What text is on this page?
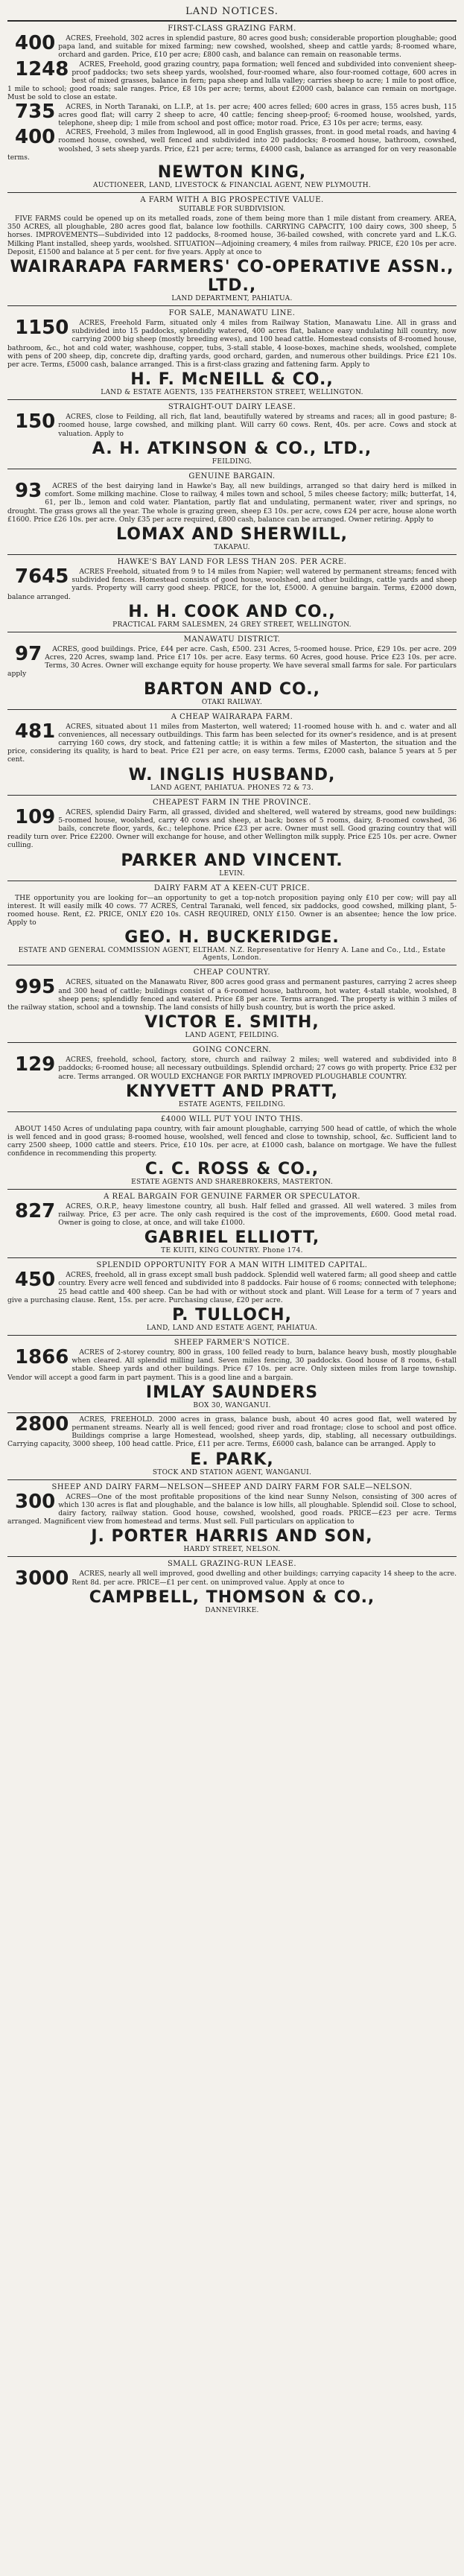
LAND NOTICES.
FIRST-CLASS GRAZING FARM.
400 ACRES, Freehold, 302 acres in splendid pasture, 80 acres good bush; considerable proportion ploughable; good papa land, and suitable for mixed farming; new cowshed, woolshed, sheep and cattle yards; 8-roomed whare, orchard and garden. Price, £10 per acre; £800 cash, and balance can remain on reasonable terms.
1248 ACRES, Freehold, good grazing country, papa formation; well fenced and subdivided into convenient sheep-proof paddocks; two sets sheep yards, woolshed, four-roomed whare, also four-roomed cottage, 600 acres in best of mixed grasses, balance in fern; papa sheep and lulla valley; carries sheep to acre; 1 mile to post office, 1 mile to school; good roads; sale ranges. Price, £8 10s per acre; terms, about £2000 cash, balance can remain on mortgage. Must be sold to close an estate.
735 ACRES, in North Taranaki, on L.I.P., at 1s. per acre; 400 acres felled; 600 acres in grass, 155 acres bush, 115 acres good flat; will carry 2 sheep to acre, 40 cattle; fencing sheep-proof; 6-roomed house, woolshed, yards, telephone, sheep dip; 1 mile from school and post office; motor road. Price, £3 10s per acre; terms, easy.
400 ACRES, Freehold, 3 miles from Inglewood, all in good English grasses, front. in good metal roads, and having 4 roomed house, cowshed, well fenced and subdivided into 20 paddocks; 8-roomed house, bathroom, cowshed, woolshed, 3 sets sheep yards. Price, £21 per acre; terms, £4000 cash, balance as arranged for on very reasonable terms.
NEWTON KING,
AUCTIONEER, LAND, LIVESTOCK & FINANCIAL AGENT, NEW PLYMOUTH.
A FARM WITH A BIG PROSPECTIVE VALUE.
SUITABLE FOR SUBDIVISION.
FIVE FARMS could be opened up on its metalled roads, zone of them being more than 1 mile distant from creamery. AREA, 350 ACRES, all ploughable, 280 acres good flat, balance low foothills. CARRYING CAPACITY, 100 dairy cows, 300 sheep, 5 horses. IMPROVEMENTS—Subdivided into 12 paddocks, 8-roomed house, 36-bailed cowshed, with concrete yard and L.K.G. Milking Plant installed, sheep yards, woolshed. SITUATION—Adjoining creamery, 4 miles from railway. PRICE, £20 10s per acre. Deposit, £1500 and balance at 5 per cent. for five years. Apply at once to
WAIRARAPA FARMERS' CO-OPERATIVE ASSN., LTD.,
LAND DEPARTMENT, PAHIATUA.
FOR SALE, MANAWATU LINE.
1150 ACRES, Freehold Farm, situated only 4 miles from Railway Station, Manawatu Line. All in grass and subdivided into 15 paddocks, splendidly watered, 400 acres flat, balance easy undulating hill country, now carrying 2000 big sheep (mostly breeding ewes), and 100 head cattle. Homestead consists of 8-roomed house, bathroom, &c., hot and cold water, washhouse, copper, tubs, 3-stall stable, 4 loose-boxes, machine sheds, woolshed, complete with pens of 200 sheep, dip, concrete dip, drafting yards, good orchard, garden, and numerous other buildings. Price £21 10s. per acre. Terms, £5000 cash, balance arranged. This is a first-class grazing and fattening farm. Apply to
H. F. McNEILL & CO.,
LAND & ESTATE AGENTS, 135 FEATHERSTON STREET, WELLINGTON.
STRAIGHT-OUT DAIRY LEASE.
150 ACRES, close to Feilding, all rich, flat land, beautifully watered by streams and races; all in good pasture; 8-roomed house, large cowshed, and milking plant. Will carry 60 cows. Rent, 40s. per acre. Cows and stock at valuation. Apply to
A. H. ATKINSON & CO., LTD.,
FEILDING.
GENUINE BARGAIN.
93 ACRES of the best dairying land in Hawke's Bay, all new buildings, arranged so that dairy herd is milked in comfort. Some milking machine. Close to railway, 4 miles town and school, 5 miles cheese factory; milk; butterfat, 14, 61, per lb., lemon and cold water. Plantation, partly flat and undulating, permanent water, river and springs, no drought. The grass grows all the year. The whole is grazing green, sheep £3 10s. per acre, cows £24 per acre, house alone worth £1600. Price £26 10s. per acre. Only £35 per acre required, £800 cash, balance can be arranged. Owner retiring. Apply to
LOMAX AND SHERWILL,
TAKAPAU.
HAWKE'S BAY LAND FOR LESS THAN 20S. PER ACRE.
7645 ACRES Freehold, situated from 9 to 14 miles from Napier; well watered by permanent streams; fenced with subdivided fences. Homestead consists of good house, woolshed, and other buildings, cattle yards and sheep yards. Property will carry good sheep. PRICE, for the lot, £5000. A genuine bargain. Terms, £2000 down, balance arranged.
H. H. COOK AND CO.,
PRACTICAL FARM SALESMEN, 24 GREY STREET, WELLINGTON.
MANAWATU DISTRICT.
97 ACRES, good buildings. Price, £44 per acre. Cash, £500. 231 Acres, 5-roomed house. Price, £29 10s. per acre. 209 Acres, 220 Acres, swamp land. Price £17 10s. per acre. Easy terms. 60 Acres, good house. Price £23 10s. per acre. Terms, 30 Acres. Owner will exchange equity for house property. We have several small farms for sale. For particulars apply
BARTON AND CO.,
OTAKI RAILWAY.
A CHEAP WAIRARAPA FARM.
481 ACRES, situated about 11 miles from Masterton, well watered; 11-roomed house with h. and c. water and all conveniences, all necessary outbuildings. This farm has been selected for its owner's residence, and is at present carrying 160 cows, dry stock, and fattening cattle; it is within a few miles of Masterton, the situation and the price, considering its quality, is hard to beat. Price £21 per acre, on easy terms. Terms, £2000 cash, balance 5 years at 5 per cent.
W. INGLIS HUSBAND,
LAND AGENT, PAHIATUA. PHONES 72 & 73.
CHEAPEST FARM IN THE PROVINCE.
109 ACRES, splendid Dairy Farm, all grassed, divided and sheltered, well watered by streams, good new buildings: 5-roomed house, woolshed, carry 40 cows and sheep, at back; boxes of 5 rooms, dairy, 8-roomed cowshed, 36 bails, concrete floor, yards, &c.; telephone. Price £23 per acre. Owner must sell. Good grazing country that will readily turn over. Price £2200. Owner will exchange for house, and other Wellington milk supply. Price £25 10s. per acre. Owner culling.
PARKER AND VINCENT.
LEVIN.
DAIRY FARM AT A KEEN-CUT PRICE.
THE opportunity you are looking for—an opportunity to get a top-notch proposition paying only £10 per cow; will pay all interest. It will easily milk 40 cows. 77 ACRES, Central Taranaki, well fenced, six paddocks, good cowshed, milking plant, 5-roomed house. Rent, £2. PRICE, ONLY £20 10s. CASH REQUIRED, ONLY £150. Owner is an absentee; hence the low price. Apply to
GEO. H. BUCKERIDGE.
ESTATE AND GENERAL COMMISSION AGENT, ELTHAM. N.Z. Representative for Henry A. Lane and Co., Ltd., Estate Agents, London.
CHEAP COUNTRY.
995 ACRES, situated on the Manawatu River, 800 acres good grass and permanent pastures, carrying 2 acres sheep and 300 head of cattle; buildings consist of a 6-roomed house, bathroom, hot water, 4-stall stable, woolshed, 8 sheep pens; splendidly fenced and watered. Price £8 per acre. Terms arranged. The property is within 3 miles of the railway station, school and a township. The land consists of hilly bush country, but is worth the price asked.
VICTOR E. SMITH,
LAND AGENT, FEILDING.
GOING CONCERN.
129 ACRES, freehold, school, factory, store, church and railway 2 miles; well watered and subdivided into 8 paddocks; 6-roomed house; all necessary outbuildings. Splendid orchard; 27 cows go with property. Price £32 per acre. Terms arranged. OR WOULD EXCHANGE FOR PARTLY IMPROVED PLOUGHABLE COUNTRY.
KNYVETT AND PRATT,
ESTATE AGENTS, FEILDING.
£4000 WILL PUT YOU INTO THIS.
ABOUT 1450 Acres of undulating papa country, with fair amount ploughable, carrying 500 head of cattle, of which the whole is well fenced and in good grass; 8-roomed house, woolshed, well fenced and close to township, school, &c. Sufficient land to carry 2500 sheep, 1000 cattle and steers. Price, £10 10s. per acre, at £1000 cash, balance on mortgage. We have the fullest confidence in recommending this property.
C. C. ROSS & CO.,
ESTATE AGENTS AND SHAREBROKERS, MASTERTON.
A REAL BARGAIN FOR GENUINE FARMER OR SPECULATOR.
827 ACRES, O.R.P., heavy limestone country, all bush. Half felled and grassed. All well watered. 3 miles from railway. Price, £3 per acre. The only cash required is the cost of the improvements, £600. Good metal road. Owner is going to close, at once, and will take £1000.
GABRIEL ELLIOTT,
TE KUITI, KING COUNTRY. Phone 174.
SPLENDID OPPORTUNITY FOR A MAN WITH LIMITED CAPITAL.
450 ACRES, freehold, all in grass except small bush paddock. Splendid well watered farm; all good sheep and cattle country. Every acre well fenced and subdivided into 8 paddocks. Fair house of 6 rooms; connected with telephone; 25 head cattle and 400 sheep. Can be had with or without stock and plant. Will Lease for a term of 7 years and give a purchasing clause. Rent, 15s. per acre. Purchasing clause, £20 per acre.
P. TULLOCH,
LAND, LAND AND ESTATE AGENT, PAHIATUA.
SHEEP FARMER'S NOTICE.
1866 ACRES of 2-storey country, 800 in grass, 100 felled ready to burn, balance heavy bush, mostly ploughable when cleared. All splendid milling land. Seven miles fencing, 30 paddocks. Good house of 8 rooms, 6-stall stable. Sheep yards and other buildings. Price £7 10s. per acre. Only sixteen miles from large township. Vendor will accept a good farm in part payment. This is a good line and a bargain.
IMLAY SAUNDERS
BOX 30, WANGANUI.
2800 ACRES, FREEHOLD. 2000 acres in grass, balance bush, about 40 acres good flat, well watered by permanent streams. Nearly all is well fenced; good river and road frontage; close to school and post office. Buildings comprise a large Homestead, woolshed, sheep yards, dip, stabling, all necessary outbuildings. Carrying capacity, 3000 sheep, 100 head cattle. Price, £11 per acre. Terms, £6000 cash, balance can be arranged. Apply to
E. PARK,
STOCK AND STATION AGENT, WANGANUI.
SHEEP AND DAIRY FARM—NELSON—SHEEP AND DAIRY FARM FOR SALE—NELSON.
300 ACRES—One of the most profitable propositions of the kind near Sunny Nelson, consisting of 300 acres of which 130 acres is flat and ploughable, and the balance is low hills, all ploughable. Splendid soil. Close to school, dairy factory, railway station. Good house, cowshed, woolshed, good roads. PRICE—£23 per acre. Terms arranged. Magnificent view from homestead and terms. Must sell. Full particulars on application to
J. PORTER HARRIS AND SON,
HARDY STREET, NELSON.
SMALL GRAZING-RUN LEASE.
3000 ACRES, nearly all well improved, good dwelling and other buildings; carrying capacity 14 sheep to the acre. Rent 8d. per acre. PRICE—£1 per cent. on unimproved value. Apply at once to
CAMPBELL, THOMSON & CO.,
DANNEVIRKE.
